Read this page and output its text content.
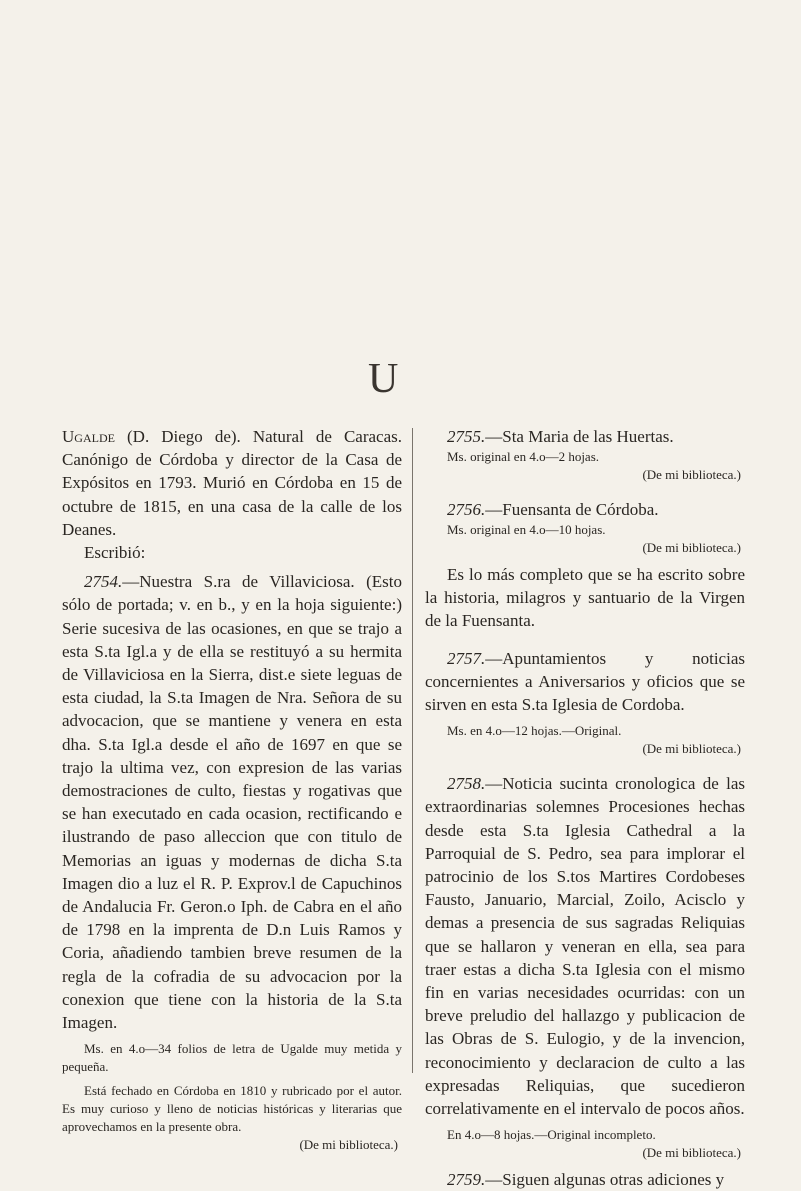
U

Ugalde (D. Diego de). Natural de Caracas. Canónigo de Córdoba y director de la Casa de Expósitos en 1793. Murió en Córdoba en 15 de octubre de 1815, en una casa de la calle de los Deanes.

Escribió:

2754.—Nuestra S.ra de Villaviciosa. (Esto sólo de portada; v. en b., y en la hoja siguiente:) Serie sucesiva de las ocasiones, en que se trajo a esta S.ta Igl.a y de ella se restituyó a su hermita de Villaviciosa en la Sierra, dist.e siete leguas de esta ciudad, la S.ta Imagen de Nra. Señora de su advocacion, que se mantiene y venera en esta dha. S.ta Igl.a desde el año de 1697 en que se trajo la ultima vez, con expresion de las varias demostraciones de culto, fiestas y rogativas que se han executado en cada ocasion, rectificando e ilustrando de paso alleccion que con titulo de Memorias an iguas y modernas de dicha S.ta Imagen dio a luz el R. P. Exprov.l de Capuchinos de Andalucia Fr. Geron.o Iph. de Cabra en el año de 1798 en la imprenta de D.n Luis Ramos y Coria, añadiendo tambien breve resumen de la regla de la cofradia de su advocacion por la conexion que tiene con la historia de la S.ta Imagen.

Ms. en 4.o—34 folios de letra de Ugalde muy metida y pequeña.

Está fechado en Córdoba en 1810 y rubricado por el autor. Es muy curioso y lleno de noticias históricas y literarias que aprovechamos en la presente obra.

(De mi biblioteca.)

2755.—Sta Maria de las Huertas.

Ms. original en 4.o—2 hojas.

(De mi biblioteca.)

2756.—Fuensanta de Córdoba.

Ms. original en 4.o—10 hojas.

(De mi biblioteca.)

Es lo más completo que se ha escrito sobre la historia, milagros y santuario de la Virgen de la Fuensanta.

2757.—Apuntamientos y noticias concernientes a Aniversarios y oficios que se sirven en esta S.ta Iglesia de Cordoba.

Ms. en 4.o—12 hojas.—Original.

(De mi biblioteca.)

2758.—Noticia sucinta cronologica de las extraordinarias solemnes Procesiones hechas desde esta S.ta Iglesia Cathedral a la Parroquial de S. Pedro, sea para implorar el patrocinio de los S.tos Martires Cordobeses Fausto, Januario, Marcial, Zoilo, Acisclo y demas a presencia de sus sagradas Reliquias que se hallaron y veneran en ella, sea para traer estas a dicha S.ta Iglesia con el mismo fin en varias necesidades ocurridas: con un breve preludio del hallazgo y publicacion de las Obras de S. Eulogio, y de la invencion, reconocimiento y declaracion de culto a las expresadas Reliquias, que sucedieron correlativamente en el intervalo de pocos años.

En 4.o—8 hojas.—Original incompleto.

(De mi biblioteca.)

2759.—Siguen algunas otras adiciones y
